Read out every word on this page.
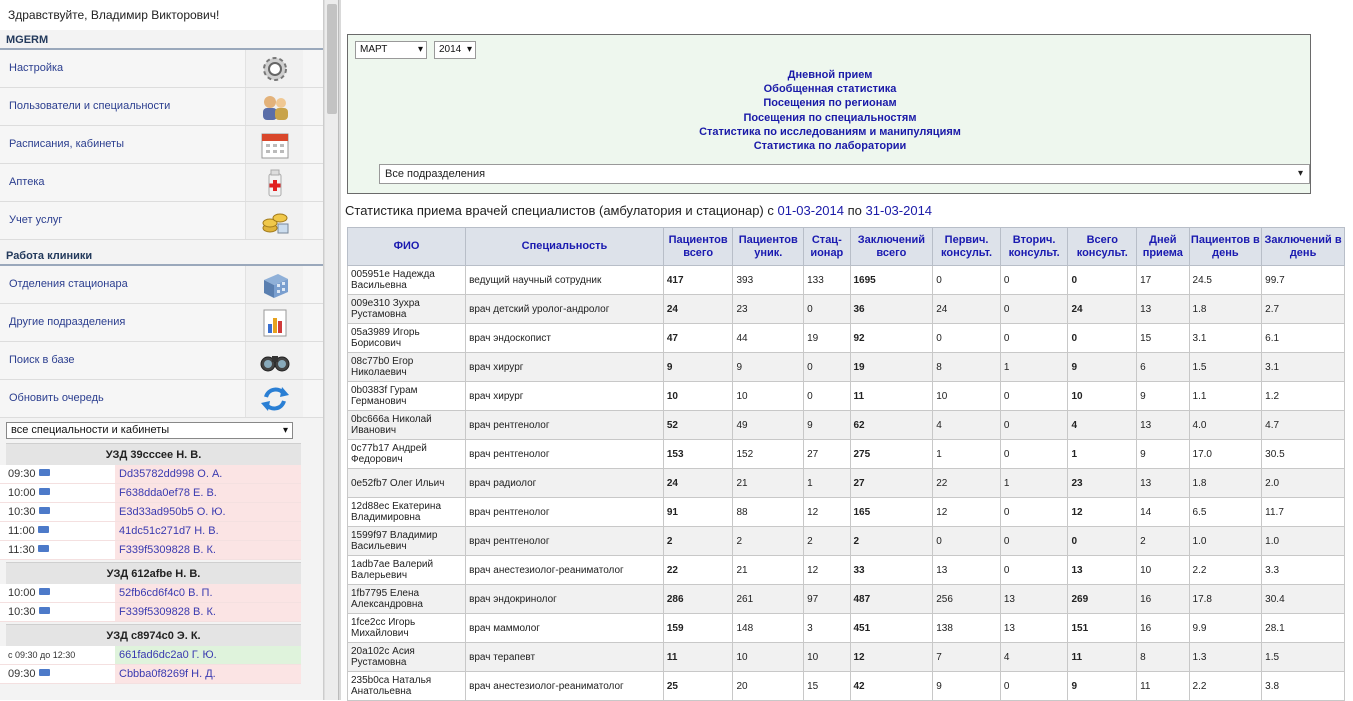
Здравствуйте, Владимир Викторович!
MGERM
Настройка
Пользователи и специальности
Расписания, кабинеты
Аптека
Учет услуг
Работа клиники
Отделения стационара
Другие подразделения
Поиск в базе
Обновить очередь
все специальности и кабинеты ▾
УЗД 39cccee Н. В.
09:30	Dd35782dd998 О. А.
10:00	F638dda0ef78 Е. В.
10:30	E3d33ad950b5 О. Ю.
11:00	41dc51c271d7 Н. В.
11:30	F339f5309828 В. К.
УЗД 612afbe Н. В.
10:00	52fb6cd6f4c0 В. П.
10:30	F339f5309828 В. К.
УЗД c8974c0 Э. К.
с 09:30 до 12:30	661fad6dc2a0 Г. Ю.
09:30	Cbbba0f8269f Н. Д.
МАРТ ▾	2014 ▾
Дневной прием
Обобщенная статистика
Посещения по регионам
Посещения по специальностям
Статистика по исследованиям и манипуляциям
Статистика по лаборатории
Все подразделения ▾
Статистика приема врачей специалистов (амбулатория и стационар) с 01-03-2014 по 31-03-2014
ФИО	Специальность	Пациентов всего	Пациентов уник.	Стац-ионар	Заключений всего	Первич. консульт.	Вторич. консульт.	Всего консульт.	Дней приема	Пациентов в день	Заключений в день
005951e Надежда Васильевна	ведущий научный сотрудник	417	393	133	1695	0	0	0	17	24.5	99.7
009e310 Зухра Рустамовна	врач детский уролог-андролог	24	23	0	36	24	0	24	13	1.8	2.7
05a3989 Игорь Борисович	врач эндоскопист	47	44	19	92	0	0	0	15	3.1	6.1
08c77b0 Егор Николаевич	врач хирург	9	9	0	19	8	1	9	6	1.5	3.1
0b0383f Гурам Германович	врач хирург	10	10	0	11	10	0	10	9	1.1	1.2
0bc666a Николай Иванович	врач рентгенолог	52	49	9	62	4	0	4	13	4.0	4.7
0c77b17 Андрей Федорович	врач рентгенолог	153	152	27	275	1	0	1	9	17.0	30.5
0e52fb7 Олег Ильич	врач радиолог	24	21	1	27	22	1	23	13	1.8	2.0
12d88ec Екатерина Владимировна	врач рентгенолог	91	88	12	165	12	0	12	14	6.5	11.7
1599f97 Владимир Васильевич	врач рентгенолог	2	2	2	2	0	0	0	2	1.0	1.0
1adb7ae Валерий Валерьевич	врач анестезиолог-реаниматолог	22	21	12	33	13	0	13	10	2.2	3.3
1fb7795 Елена Александровна	врач эндокринолог	286	261	97	487	256	13	269	16	17.8	30.4
1fce2cc Игорь Михайлович	врач маммолог	159	148	3	451	138	13	151	16	9.9	28.1
20a102c Асия Рустамовна	врач терапевт	11	10	10	12	7	4	11	8	1.3	1.5
235b0ca Наталья Анатольевна	врач анестезиолог-реаниматолог	25	20	15	42	9	0	9	11	2.2	3.8
